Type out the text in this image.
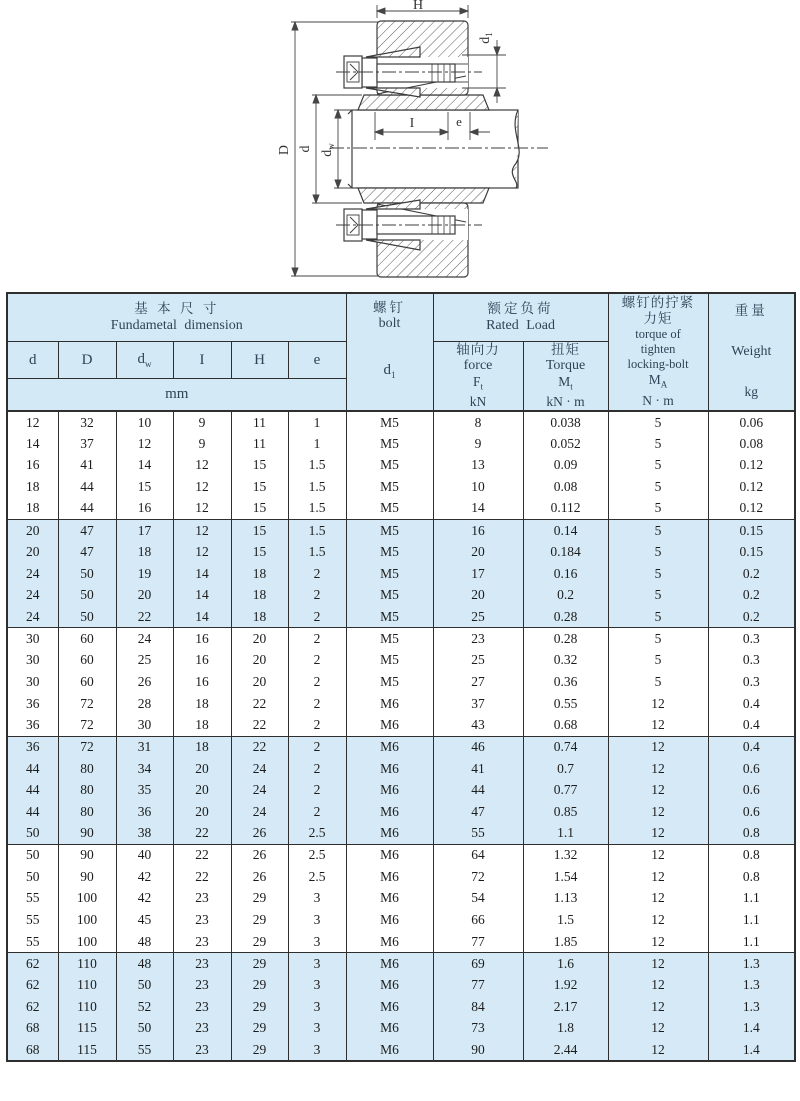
H
$d_1$
I	e
D d
$d_w$
基 本 尺 寸
Fundametal dimension

螺钉
bolt
$d_1$

额定负荷
Rated Load

螺钉的拧紧
力矩
torque of
tighten
locking-bolt
$M_A$
N · m

重量
Weight
kg

d	D	$d_w$	I	H	e	
轴向力
force
$F_t$
kN

扭矩
Torque
$M_t$
kN · m

mm										
12	32	10	9	11	1	M5	8	0.038	5	0.06
14	37	12	9	11	1	M5	9	0.052	5	0.08
16	41	14	12	15	1.5	M5	13	0.09	5	0.12
18	44	15	12	15	1.5	M5	10	0.08	5	0.12
18	44	16	12	15	1.5	M5	14	0.112	5	0.12
20	47	17	12	15	1.5	M5	16	0.14	5	0.15
20	47	18	12	15	1.5	M5	20	0.184	5	0.15
24	50	19	14	18	2	M5	17	0.16	5	0.2
24	50	20	14	18	2	M5	20	0.2	5	0.2
24	50	22	14	18	2	M5	25	0.28	5	0.2
30	60	24	16	20	2	M5	23	0.28	5	0.3
30	60	25	16	20	2	M5	25	0.32	5	0.3
30	60	26	16	20	2	M5	27	0.36	5	0.3
36	72	28	18	22	2	M6	37	0.55	12	0.4
36	72	30	18	22	2	M6	43	0.68	12	0.4
36	72	31	18	22	2	M6	46	0.74	12	0.4
44	80	34	20	24	2	M6	41	0.7	12	0.6
44	80	35	20	24	2	M6	44	0.77	12	0.6
44	80	36	20	24	2	M6	47	0.85	12	0.6
50	90	38	22	26	2.5	M6	55	1.1	12	0.8
50	90	40	22	26	2.5	M6	64	1.32	12	0.8
50	90	42	22	26	2.5	M6	72	1.54	12	0.8
55	100	42	23	29	3	M6	54	1.13	12	1.1
55	100	45	23	29	3	M6	66	1.5	12	1.1
55	100	48	23	29	3	M6	77	1.85	12	1.1
62	110	48	23	29	3	M6	69	1.6	12	1.3
62	110	50	23	29	3	M6	77	1.92	12	1.3
62	110	52	23	29	3	M6	84	2.17	12	1.3
68	115	50	23	29	3	M6	73	1.8	12	1.4
68	115	55	23	29	3	M6	90	2.44	12	1.4
